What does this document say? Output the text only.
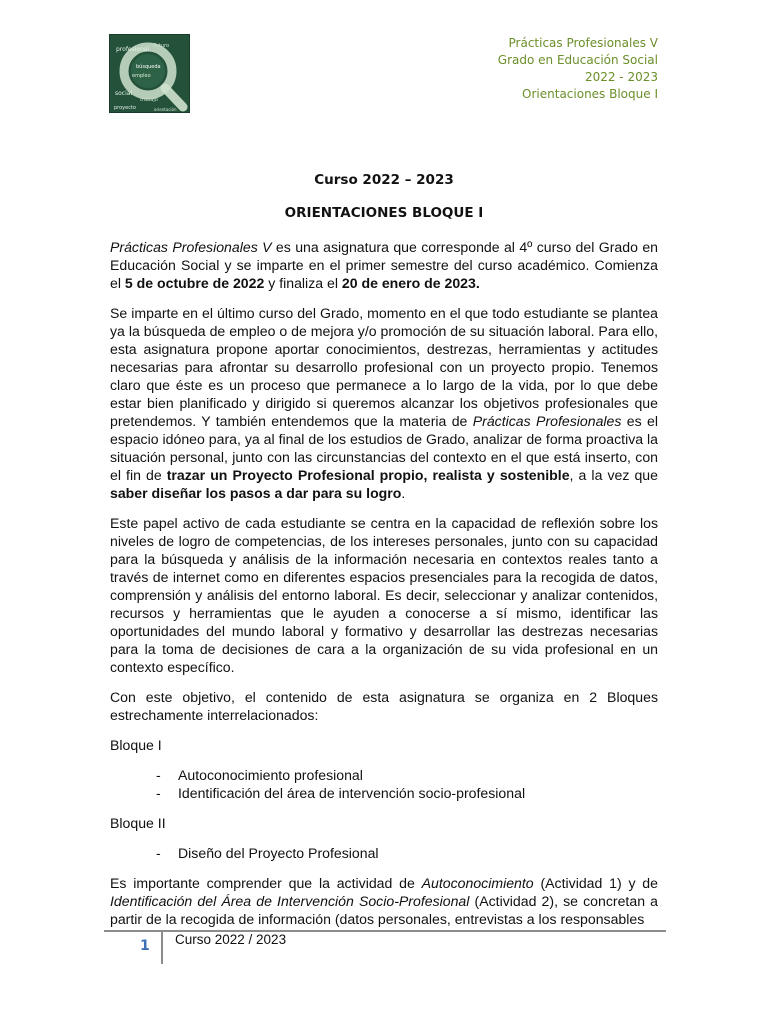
profesional
búsqueda
empleo
social
trabajo
futuro
proyecto	orientación
Prácticas Profesionales V
Grado en Educación Social
2022 - 2023
Orientaciones Bloque I
Curso 2022 – 2023
ORIENTACIONES BLOQUE I

Prácticas Profesionales V es una asignatura que corresponde al 4º curso del Grado en Educación Social y se imparte en el primer semestre del curso académico. Comienza el 5 de octubre de 2022 y finaliza el 20 de enero de 2023.

Se imparte en el último curso del Grado, momento en el que todo estudiante se plantea ya la búsqueda de empleo o de mejora y/o promoción de su situación laboral. Para ello, esta asignatura propone aportar conocimientos, destrezas, herramientas y actitudes necesarias para afrontar su desarrollo profesional con un proyecto propio. Tenemos claro que éste es un proceso que permanece a lo largo de la vida, por lo que debe estar bien planificado y dirigido si queremos alcanzar los objetivos profesionales que pretendemos. Y también entendemos que la materia de Prácticas Profesionales es el espacio idóneo para, ya al final de los estudios de Grado, analizar de forma proactiva la situación personal, junto con las circunstancias del contexto en el que está inserto, con el fin de trazar un Proyecto Profesional propio, realista y sostenible, a la vez que saber diseñar los pasos a dar para su logro.

Este papel activo de cada estudiante se centra en la capacidad de reflexión sobre los niveles de logro de competencias, de los intereses personales, junto con su capacidad para la búsqueda y análisis de la información necesaria en contextos reales tanto a través de internet como en diferentes espacios presenciales para la recogida de datos, comprensión y análisis del entorno laboral. Es decir, seleccionar y analizar contenidos, recursos y herramientas que le ayuden a conocerse a sí mismo, identificar las oportunidades del mundo laboral y formativo y desarrollar las destrezas necesarias para la toma de decisiones de cara a la organización de su vida profesional en un contexto específico.

Con este objetivo, el contenido de esta asignatura se organiza en 2 Bloques estrechamente interrelacionados:

Bloque I

- Autoconocimiento profesional
- Identificación del área de intervención socio-profesional

Bloque II

- Diseño del Proyecto Profesional

Es importante comprender que la actividad de Autoconocimiento (Actividad 1) y de Identificación del Área de Intervención Socio-Profesional (Actividad 2), se concretan a partir de la recogida de información (datos personales, entrevistas a los responsables

1 Curso 2022 / 2023
